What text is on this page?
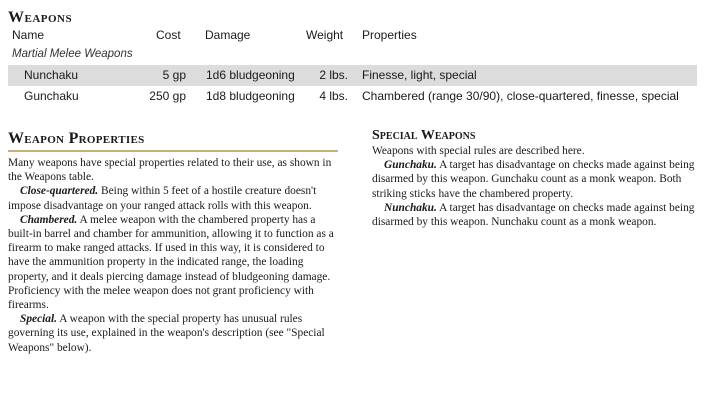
Weapons
Name	Cost Damage	Weight Properties
Martial Melee Weapons
Nunchaku	5 gp 1d6 bludgeoning	2 lbs. Finesse, light, special
Gunchaku	250 gp 1d8 bludgeoning	4 lbs. Chambered (range 30/90), close-quartered, finesse, special
Weapon Properties

Many weapons have special properties related to their use, as shown in the Weapons table.

Close-quartered. Being within 5 feet of a hostile creature doesn't impose disadvantage on your ranged attack rolls with this weapon.

Chambered. A melee weapon with the chambered property has a built-in barrel and chamber for ammunition, allowing it to function as a firearm to make ranged attacks. If used in this way, it is considered to have the ammunition property in the indicated range, the loading property, and it deals piercing damage instead of bludgeoning damage. Proficiency with the melee weapon does not grant proficiency with firearms.

Special. A weapon with the special property has unusual rules governing its use, explained in the weapon's description (see "Special Weapons" below).

Special Weapons

Weapons with special rules are described here.

Gunchaku. A target has disadvantage on checks made against being disarmed by this weapon. Gunchaku count as a monk weapon. Both striking sticks have the chambered property.

Nunchaku. A target has disadvantage on checks made against being disarmed by this weapon. Nunchaku count as a monk weapon.
